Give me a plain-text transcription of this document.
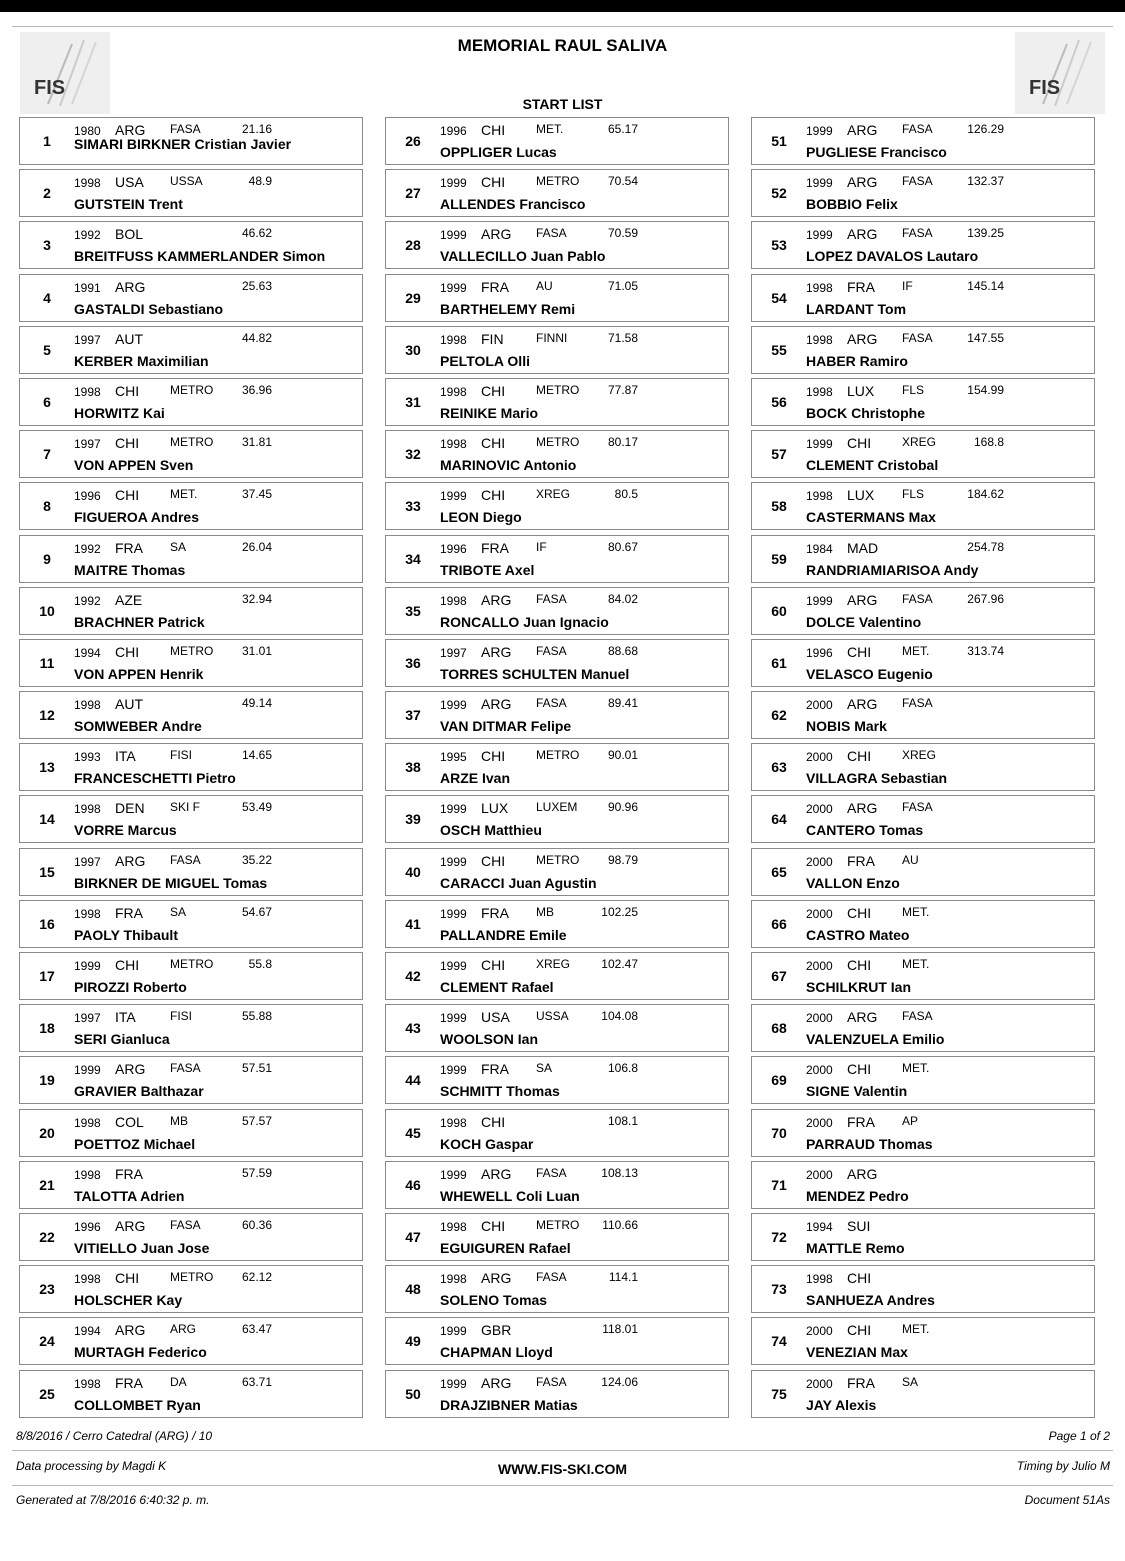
FIS	FIS
MEMORIAL RAUL SALIVA
START LIST
1
1980 ARG FASA	21.16
SIMARI BIRKNER Cristian Javier
2
1998 USA USSA	48.9
GUTSTEIN Trent
3
1992 BOL	46.62
BREITFUSS KAMMERLANDER Simon
4
1991 ARG	25.63
GASTALDI Sebastiano
5
1997 AUT	44.82
KERBER Maximilian
6
1998 CHI	METRO	36.96
HORWITZ Kai
7
1997 CHI	METRO	31.81
VON APPEN Sven
8
1996 CHI	MET.	37.45
FIGUEROA Andres
9
1992 FRA SA	26.04
MAITRE Thomas
10
1992 AZE	32.94
BRACHNER Patrick
11
1994 CHI	METRO	31.01
VON APPEN Henrik
12
1998 AUT	49.14
SOMWEBER Andre
13
1993 ITA	FISI	14.65
FRANCESCHETTI Pietro
14
1998 DEN SKI F	53.49
VORRE Marcus
15
1997 ARG FASA	35.22
BIRKNER DE MIGUEL Tomas
16
1998 FRA SA	54.67
PAOLY Thibault
17
1999 CHI	METRO	55.8
PIROZZI Roberto
18
1997 ITA	FISI	55.88
SERI Gianluca
19
1999 ARG FASA	57.51
GRAVIER Balthazar
20
1998 COL MB	57.57
POETTOZ Michael
21
1998 FRA	57.59
TALOTTA Adrien
22
1996 ARG FASA	60.36
VITIELLO Juan Jose
23
1998 CHI	METRO	62.12
HOLSCHER Kay
24
1994 ARG ARG	63.47
MURTAGH Federico
25
1998 FRA DA	63.71
COLLOMBET Ryan
26
1996 CHI	MET.	65.17
OPPLIGER Lucas
27
1999 CHI	METRO	70.54
ALLENDES Francisco
28
1999 ARG FASA	70.59
VALLECILLO Juan Pablo
29
1999 FRA AU	71.05
BARTHELEMY Remi
30
1998 FIN	FINNI	71.58
PELTOLA Olli
31
1998 CHI	METRO	77.87
REINIKE Mario
32
1998 CHI	METRO	80.17
MARINOVIC Antonio
33
1999 CHI	XREG	80.5
LEON Diego
34
1996 FRA IF	80.67
TRIBOTE Axel
35
1998 ARG FASA	84.02
RONCALLO Juan Ignacio
36
1997 ARG FASA	88.68
TORRES SCHULTEN Manuel
37
1999 ARG FASA	89.41
VAN DITMAR Felipe
38
1995 CHI	METRO	90.01
ARZE Ivan
39
1999 LUX LUXEM	90.96
OSCH Matthieu
40
1999 CHI	METRO	98.79
CARACCI Juan Agustin
41
1999 FRA MB	102.25
PALLANDRE Emile
42
1999 CHI	XREG	102.47
CLEMENT Rafael
43
1999 USA USSA	104.08
WOOLSON Ian
44
1999 FRA SA	106.8
SCHMITT Thomas
45
1998 CHI	108.1
KOCH Gaspar
46
1999 ARG FASA	108.13
WHEWELL Coli Luan
47
1998 CHI	METRO	110.66
EGUIGUREN Rafael
48
1998 ARG FASA	114.1
SOLENO Tomas
49
1999 GBR	118.01
CHAPMAN Lloyd
50
1999 ARG FASA	124.06
DRAJZIBNER Matias
51
1999 ARG FASA	126.29
PUGLIESE Francisco
52
1999 ARG FASA	132.37
BOBBIO Felix
53
1999 ARG FASA	139.25
LOPEZ DAVALOS Lautaro
54
1998 FRA IF	145.14
LARDANT Tom
55
1998 ARG FASA	147.55
HABER Ramiro
56
1998 LUX FLS	154.99
BOCK Christophe
57
1999 CHI	XREG	168.8
CLEMENT Cristobal
58
1998 LUX FLS	184.62
CASTERMANS Max
59
1984 MAD	254.78
RANDRIAMIARISOA Andy
60
1999 ARG FASA	267.96
DOLCE Valentino
61
1996 CHI	MET.	313.74
VELASCO Eugenio
62
2000 ARG FASA
NOBIS Mark
63
2000 CHI	XREG
VILLAGRA Sebastian
64
2000 ARG FASA
CANTERO Tomas
65
2000 FRA AU
VALLON Enzo
66
2000 CHI	MET.
CASTRO Mateo
67
2000 CHI	MET.
SCHILKRUT Ian
68
2000 ARG FASA
VALENZUELA Emilio
69
2000 CHI	MET.
SIGNE Valentin
70
2000 FRA AP
PARRAUD Thomas
71
2000 ARG
MENDEZ Pedro
72
1994 SUI
MATTLE Remo
73
1998 CHI
SANHUEZA Andres
74
2000 CHI	MET.
VENEZIAN Max
75
2000 FRA SA
JAY Alexis
8/8/2016 / Cerro Catedral (ARG) / 10	Page 1 of 2
Data processing by Magdi K	WWW.FIS-SKI.COM	Timing by Julio M
Generated at 7/8/2016 6:40:32 p. m.	Document 51As
